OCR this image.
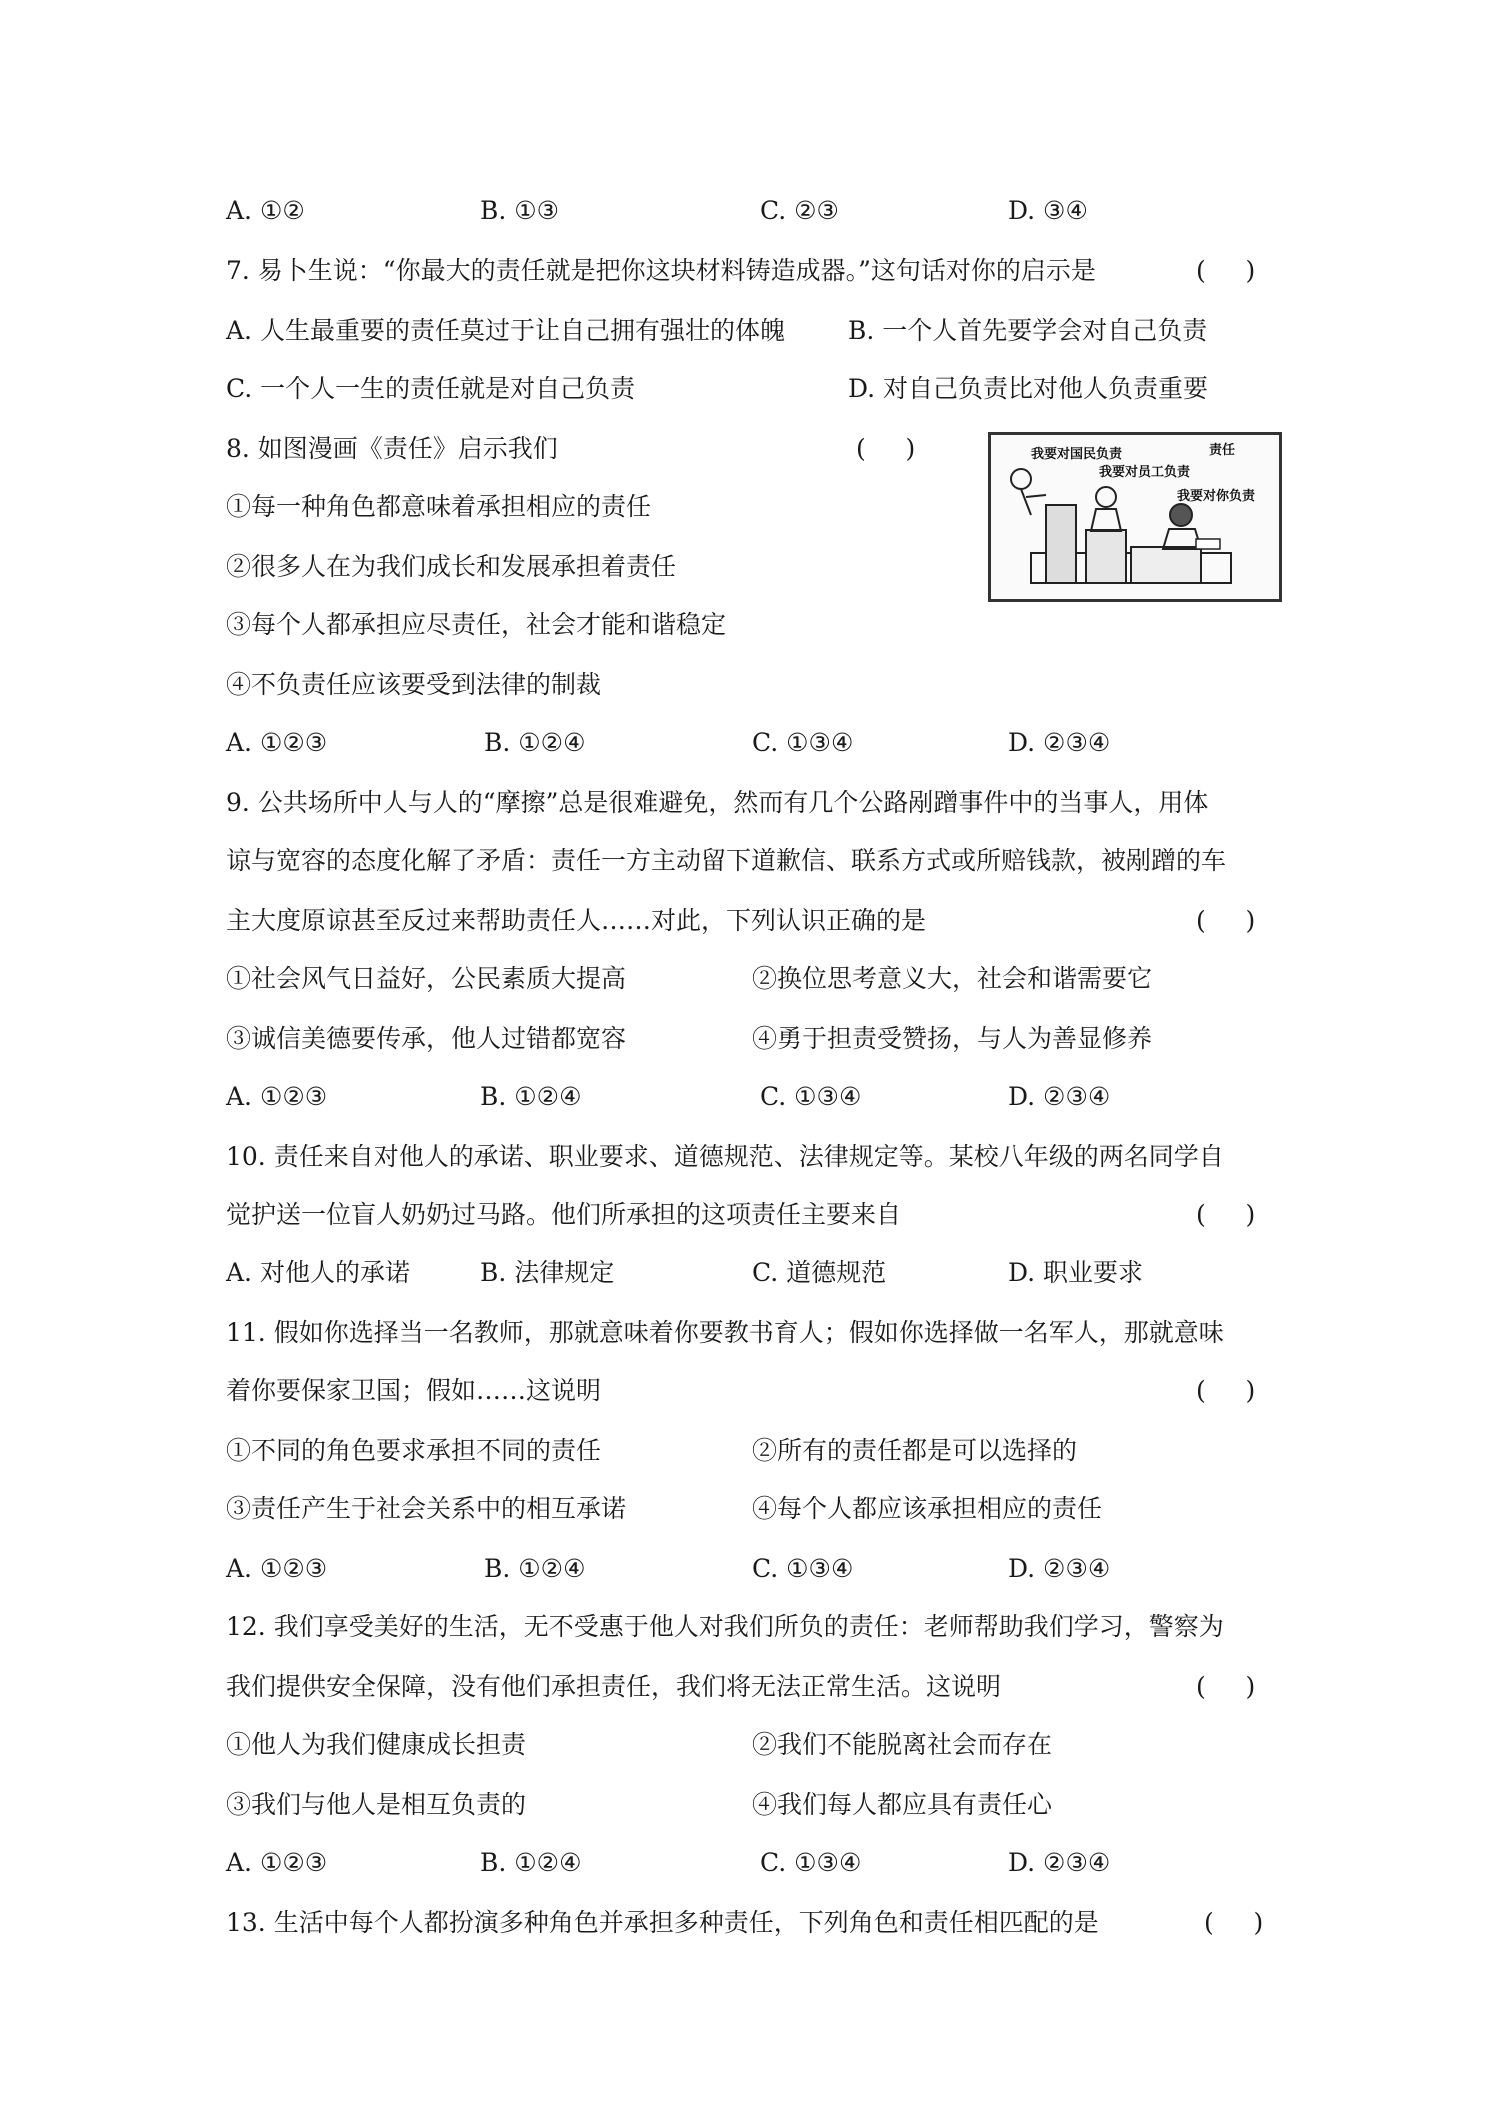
A. ①②	B. ①③	C. ②③	D. ③④
7. 易卜生说：“你最大的责任就是把你这块材料铸造成器。”这句话对你的启示是	(     )
A. 人生最重要的责任莫过于让自己拥有强壮的体魄	B. 一个人首先要学会对自己负责
C. 一个人一生的责任就是对自己负责	D. 对自己负责比对他人负责重要
8. 如图漫画《责任》启示我们	(     )
①每一种角色都意味着承担相应的责任
②很多人在为我们成长和发展承担着责任
③每个人都承担应尽责任，社会才能和谐稳定
④不负责任应该要受到法律的制裁
A. ①②③	B. ①②④	C. ①③④	D. ②③④
我要对国民负责	责任
我要对员工负责
我要对你负责
9. 公共场所中人与人的“摩擦”总是很难避免，然而有几个公路剐蹭事件中的当事人，用体
谅与宽容的态度化解了矛盾：责任一方主动留下道歉信、联系方式或所赔钱款，被剐蹭的车
主大度原谅甚至反过来帮助责任人……对此，下列认识正确的是	(     )
①社会风气日益好，公民素质大提高	②换位思考意义大，社会和谐需要它
③诚信美德要传承，他人过错都宽容	④勇于担责受赞扬，与人为善显修养
A. ①②③	B. ①②④	C. ①③④	D. ②③④
10. 责任来自对他人的承诺、职业要求、道德规范、法律规定等。某校八年级的两名同学自
觉护送一位盲人奶奶过马路。他们所承担的这项责任主要来自	(     )
A. 对他人的承诺	B. 法律规定	C. 道德规范	D. 职业要求
11. 假如你选择当一名教师，那就意味着你要教书育人；假如你选择做一名军人，那就意味
着你要保家卫国；假如……这说明	(     )
①不同的角色要求承担不同的责任	②所有的责任都是可以选择的
③责任产生于社会关系中的相互承诺	④每个人都应该承担相应的责任
A. ①②③	B. ①②④	C. ①③④	D. ②③④
12. 我们享受美好的生活，无不受惠于他人对我们所负的责任：老师帮助我们学习，警察为
我们提供安全保障，没有他们承担责任，我们将无法正常生活。这说明	(     )
①他人为我们健康成长担责	②我们不能脱离社会而存在
③我们与他人是相互负责的	④我们每人都应具有责任心
A. ①②③	B. ①②④	C. ①③④	D. ②③④
13. 生活中每个人都扮演多种角色并承担多种责任，下列角色和责任相匹配的是	(     )
